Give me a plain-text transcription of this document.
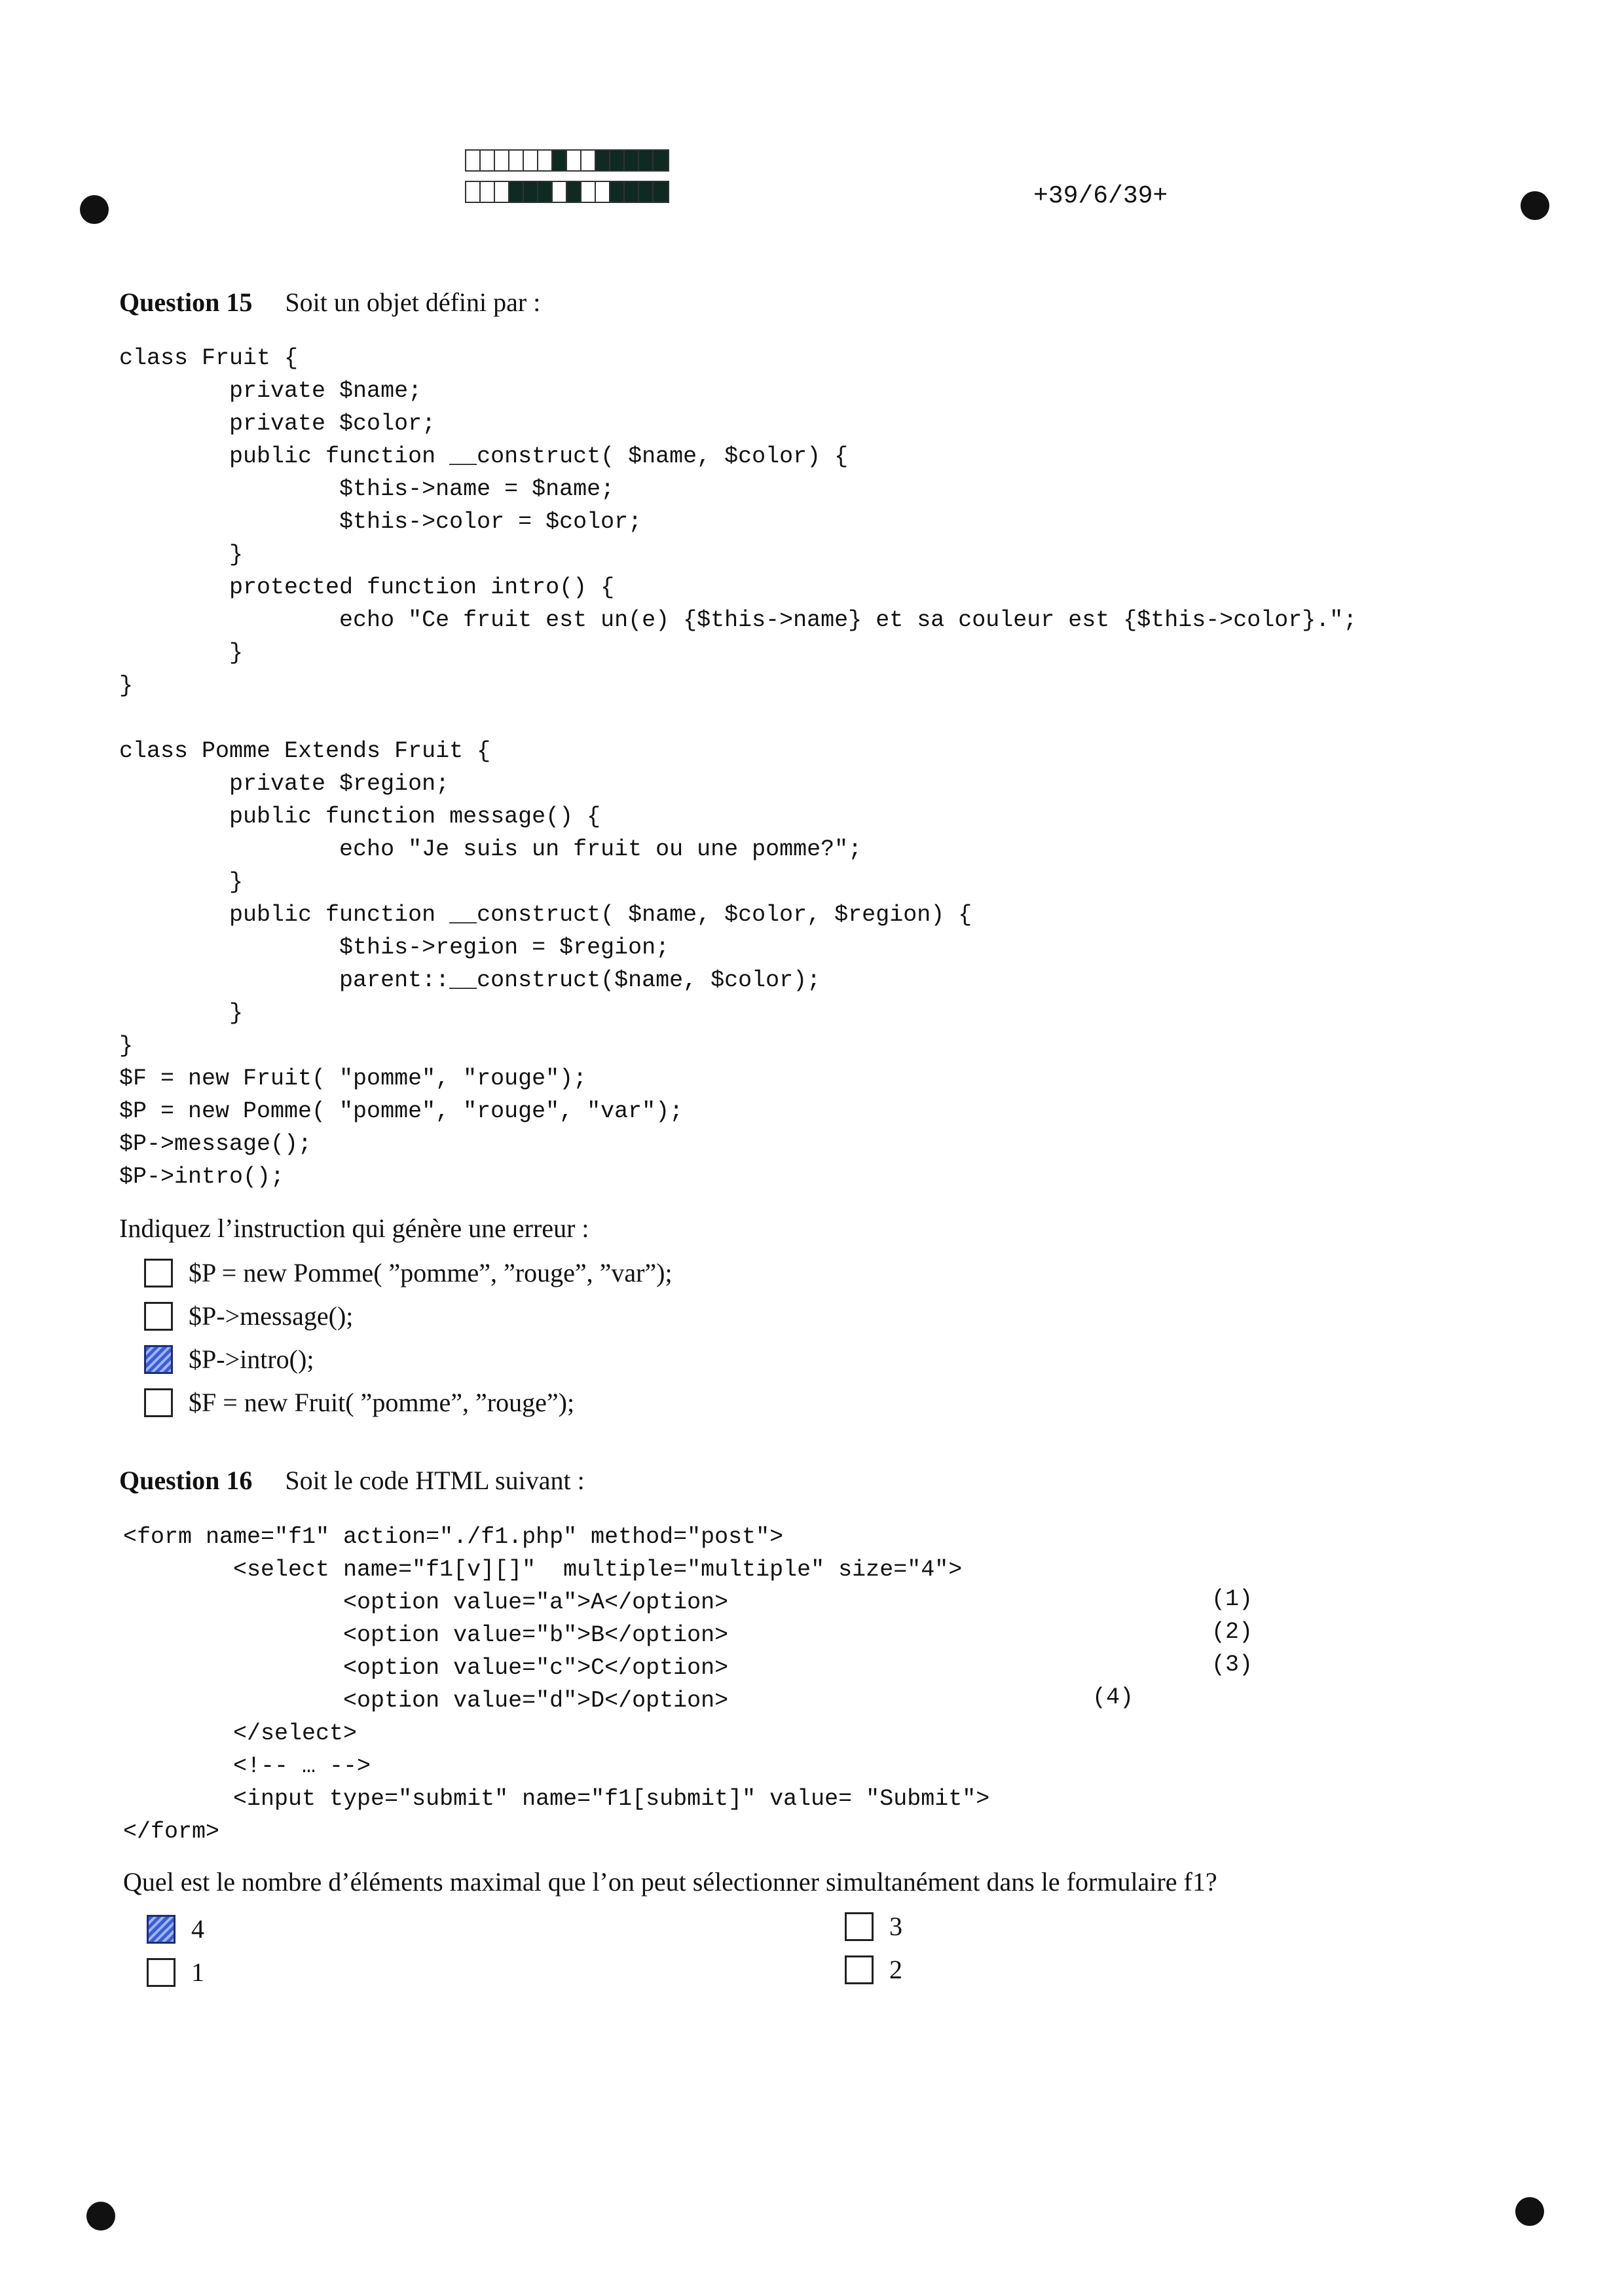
+39/6/39+
Question 15 Soit un objet défini par :
class Fruit {
private $name;
private $color;
public function __construct( $name, $color) {
$this->name = $name;
$this->color = $color;
}
protected function intro() {
echo "Ce fruit est un(e) {$this->name} et sa couleur est {$this->color}.";
}
}

class Pomme Extends Fruit {
private $region;
public function message() {
echo "Je suis un fruit ou une pomme?";
}
public function __construct( $name, $color, $region) {
$this->region = $region;
parent::__construct($name, $color);
}
}
$F = new Fruit( "pomme", "rouge");
$P = new Pomme( "pomme", "rouge", "var");
$P->message();
$P->intro();
Indiquez l’instruction qui génère une erreur :
$P = new Pomme( ”pomme”, ”rouge”, ”var”);
$P->message();
$P->intro();
$F = new Fruit( ”pomme”, ”rouge”);
Question 16 Soit le code HTML suivant :
<form name="f1" action="./f1.php" method="post">
<select name="f1[v][]"  multiple="multiple" size="4">
<option value="a">A</option>
<option value="b">B</option>
<option value="c">C</option>
<option value="d">D</option>
</select>
<!-- … -->
<input type="submit" name="f1[submit]" value= "Submit">
</form>
(1)
(2)
(3)
(4)
Quel est le nombre d’éléments maximal que l’on peut sélectionner simultanément dans le formulaire f1?
4	3
1	2
